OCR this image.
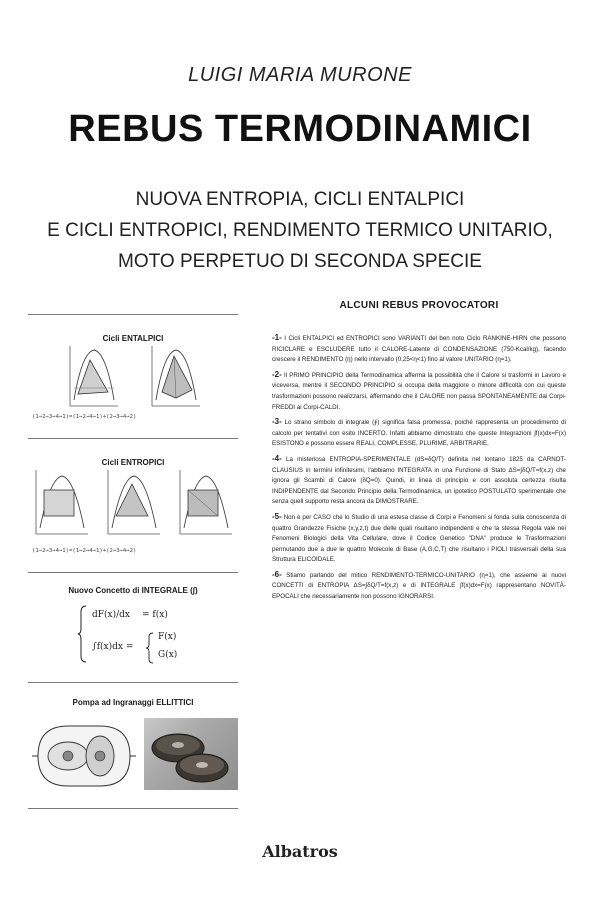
LUIGI MARIA MURONE
REBUS TERMODINAMICI
NUOVA ENTROPIA, CICLI ENTALPICI
E CICLI ENTROPICI, RENDIMENTO TERMICO UNITARIO,
MOTO PERPETUO DI SECONDA SPECIE
Cicli ENTALPICI
(1→2→3→4→1)=(1→2→4→1)+(2→3→4→2)
Cicli ENTROPICI
(1→2→3→4→1)=(1→2→4→1)+(2→3→4→2)
Nuovo Concetto di INTEGRALE (∫)
dF(x)/dx = f(x)
∫f(x)dx =
F(x)
G(x)
Pompa ad Ingranaggi ELLITTICI
ALCUNI REBUS PROVOCATORI
-1- I Cicli ENTALPICI ed ENTROPICI sono VARIANTI del ben noto Ciclo RANKINE-HIRN che possono RICICLARE e ESCLUDERE tutto il CALORE-Latente di CONDENSAZIONE (750-Kcal/kg), facendo crescere il RENDIMENTO (η) nello intervallo (0,25<η<1) fino al valore UNITARIO (η=1).
-2- Il PRIMO PRINCIPIO della Termodinamica afferma la possibilità che il Calore si trasformi in Lavoro e viceversa, mentre il SECONDO PRINCIPIO si occupa della maggiore o minore difficoltà con cui queste trasformazioni possono realizzarsi, affermando che il CALORE non passa SPONTANEAMENTE dai Corpi-FREDDI ai Corpi-CALDI.
-3- Lo strano simbolo di integrale (∮) significa falsa promessa, poiché rappresenta un procedimento di calcolo per tentativi con esito INCERTO. Infatti abbiamo dimostrato che queste Integrazioni ∫f(x)dx=F(x) ESISTONO e possono essere REALI, COMPLESSE, PLURIME, ARBITRARIE.
-4- La misteriosa ENTROPIA-SPERIMENTALE (dS=δQ/T) definita nel lontano 1825 da CARNOT-CLAUSIUS in termini infinitesimi, l'abbiamo INTEGRATA in una Funzione di Stato ΔS=∫δQ/T=f(x,z) che ignora gli Scambi di Calore (δQ=0). Quindi, in linea di principio e con assoluta certezza risulta INDIPENDENTE dal Secondo Principio della Termodinamica, un ipotetico POSTULATO sperimentale che senza quell supporto resta ancora da DIMOSTRARE.
-5- Non è per CASO che lo Studio di una estesa classe di Corpi e Fenomeni si fonda sulla conoscenza di quattro Grandezze Fisiche (x,y,z,t) due delle quali risultano indipendenti e che la stessa Regola vale nei Fenomeni Biologici della Vita Cellulare, dove il Codice Genetico "DNA" produce le Trasformazioni permutando due a due le quattro Molecole di Base (A,G,C,T) che risultano i PIOLI trasversali della sua Struttura ELICOIDALE.
-6- Stiamo parlando del mitico RENDIMENTO-TERMICO-UNITARIO (η=1), che assieme ai nuovi CONCETTI di ENTROPIA ΔS=∫δQ/T=f(x,z) e di INTEGRALE ∫f(x)dx=F(x) rappresentano NOVITÀ-EPOCALI che necessariamente non possono IGNORARSI.
Albatros
